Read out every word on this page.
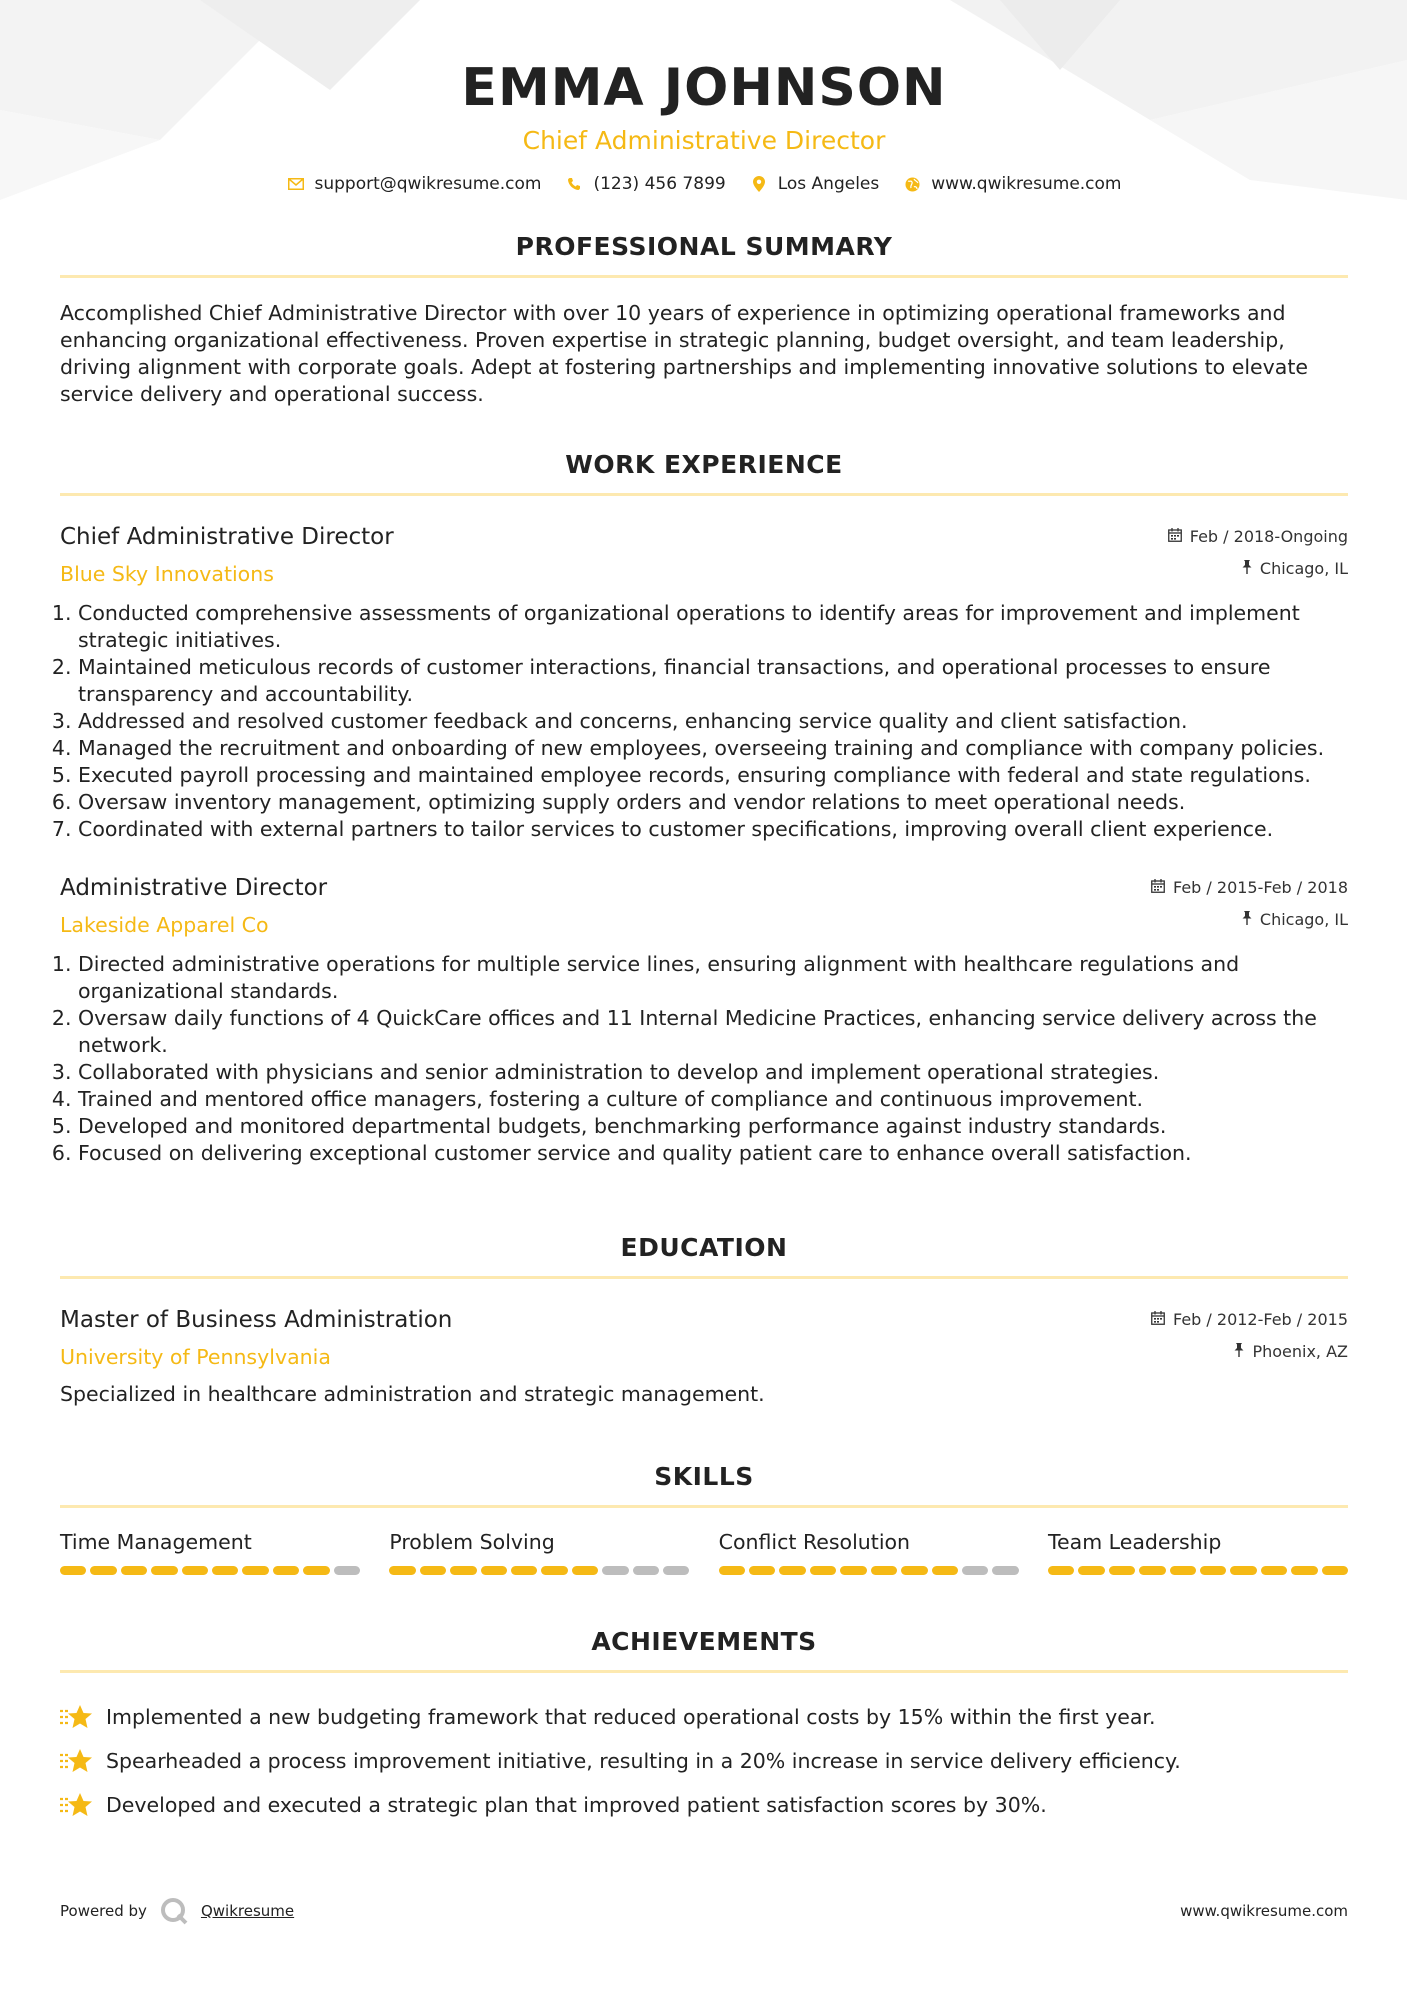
EMMA JOHNSON
Chief Administrative Director
support@qwikresume.com	(123) 456 7899	Los Angeles	www.qwikresume.com
PROFESSIONAL SUMMARY

Accomplished Chief Administrative Director with over 10 years of experience in optimizing operational frameworks and enhancing organizational effectiveness. Proven expertise in strategic planning, budget oversight, and team leadership, driving alignment with corporate goals. Adept at fostering partnerships and implementing innovative solutions to elevate service delivery and operational success.

WORK EXPERIENCE
Chief Administrative Director
Blue Sky Innovations
Feb / 2018-Ongoing
Chicago, IL
1. Conducted comprehensive assessments of organizational operations to identify areas for improvement and implement strategic initiatives.
2. Maintained meticulous records of customer interactions, financial transactions, and operational processes to ensure transparency and accountability.
3. Addressed and resolved customer feedback and concerns, enhancing service quality and client satisfaction.
4. Managed the recruitment and onboarding of new employees, overseeing training and compliance with company policies.
5. Executed payroll processing and maintained employee records, ensuring compliance with federal and state regulations.
6. Oversaw inventory management, optimizing supply orders and vendor relations to meet operational needs.
7. Coordinated with external partners to tailor services to customer specifications, improving overall client experience.
Administrative Director
Lakeside Apparel Co
Feb / 2015-Feb / 2018
Chicago, IL
1. Directed administrative operations for multiple service lines, ensuring alignment with healthcare regulations and organizational standards.
2. Oversaw daily functions of 4 QuickCare offices and 11 Internal Medicine Practices, enhancing service delivery across the network.
3. Collaborated with physicians and senior administration to develop and implement operational strategies.
4. Trained and mentored office managers, fostering a culture of compliance and continuous improvement.
5. Developed and monitored departmental budgets, benchmarking performance against industry standards.
6. Focused on delivering exceptional customer service and quality patient care to enhance overall satisfaction.
EDUCATION
Master of Business Administration
University of Pennsylvania
Feb / 2012-Feb / 2015
Phoenix, AZ
Specialized in healthcare administration and strategic management.
SKILLS
Time Management	Problem Solving	Conflict Resolution	Team Leadership
ACHIEVEMENTS
Implemented a new budgeting framework that reduced operational costs by 15% within the first year.
Spearheaded a process improvement initiative, resulting in a 20% increase in service delivery efficiency.
Developed and executed a strategic plan that improved patient satisfaction scores by 30%.
Powered by	Qwikresume	www.qwikresume.com
